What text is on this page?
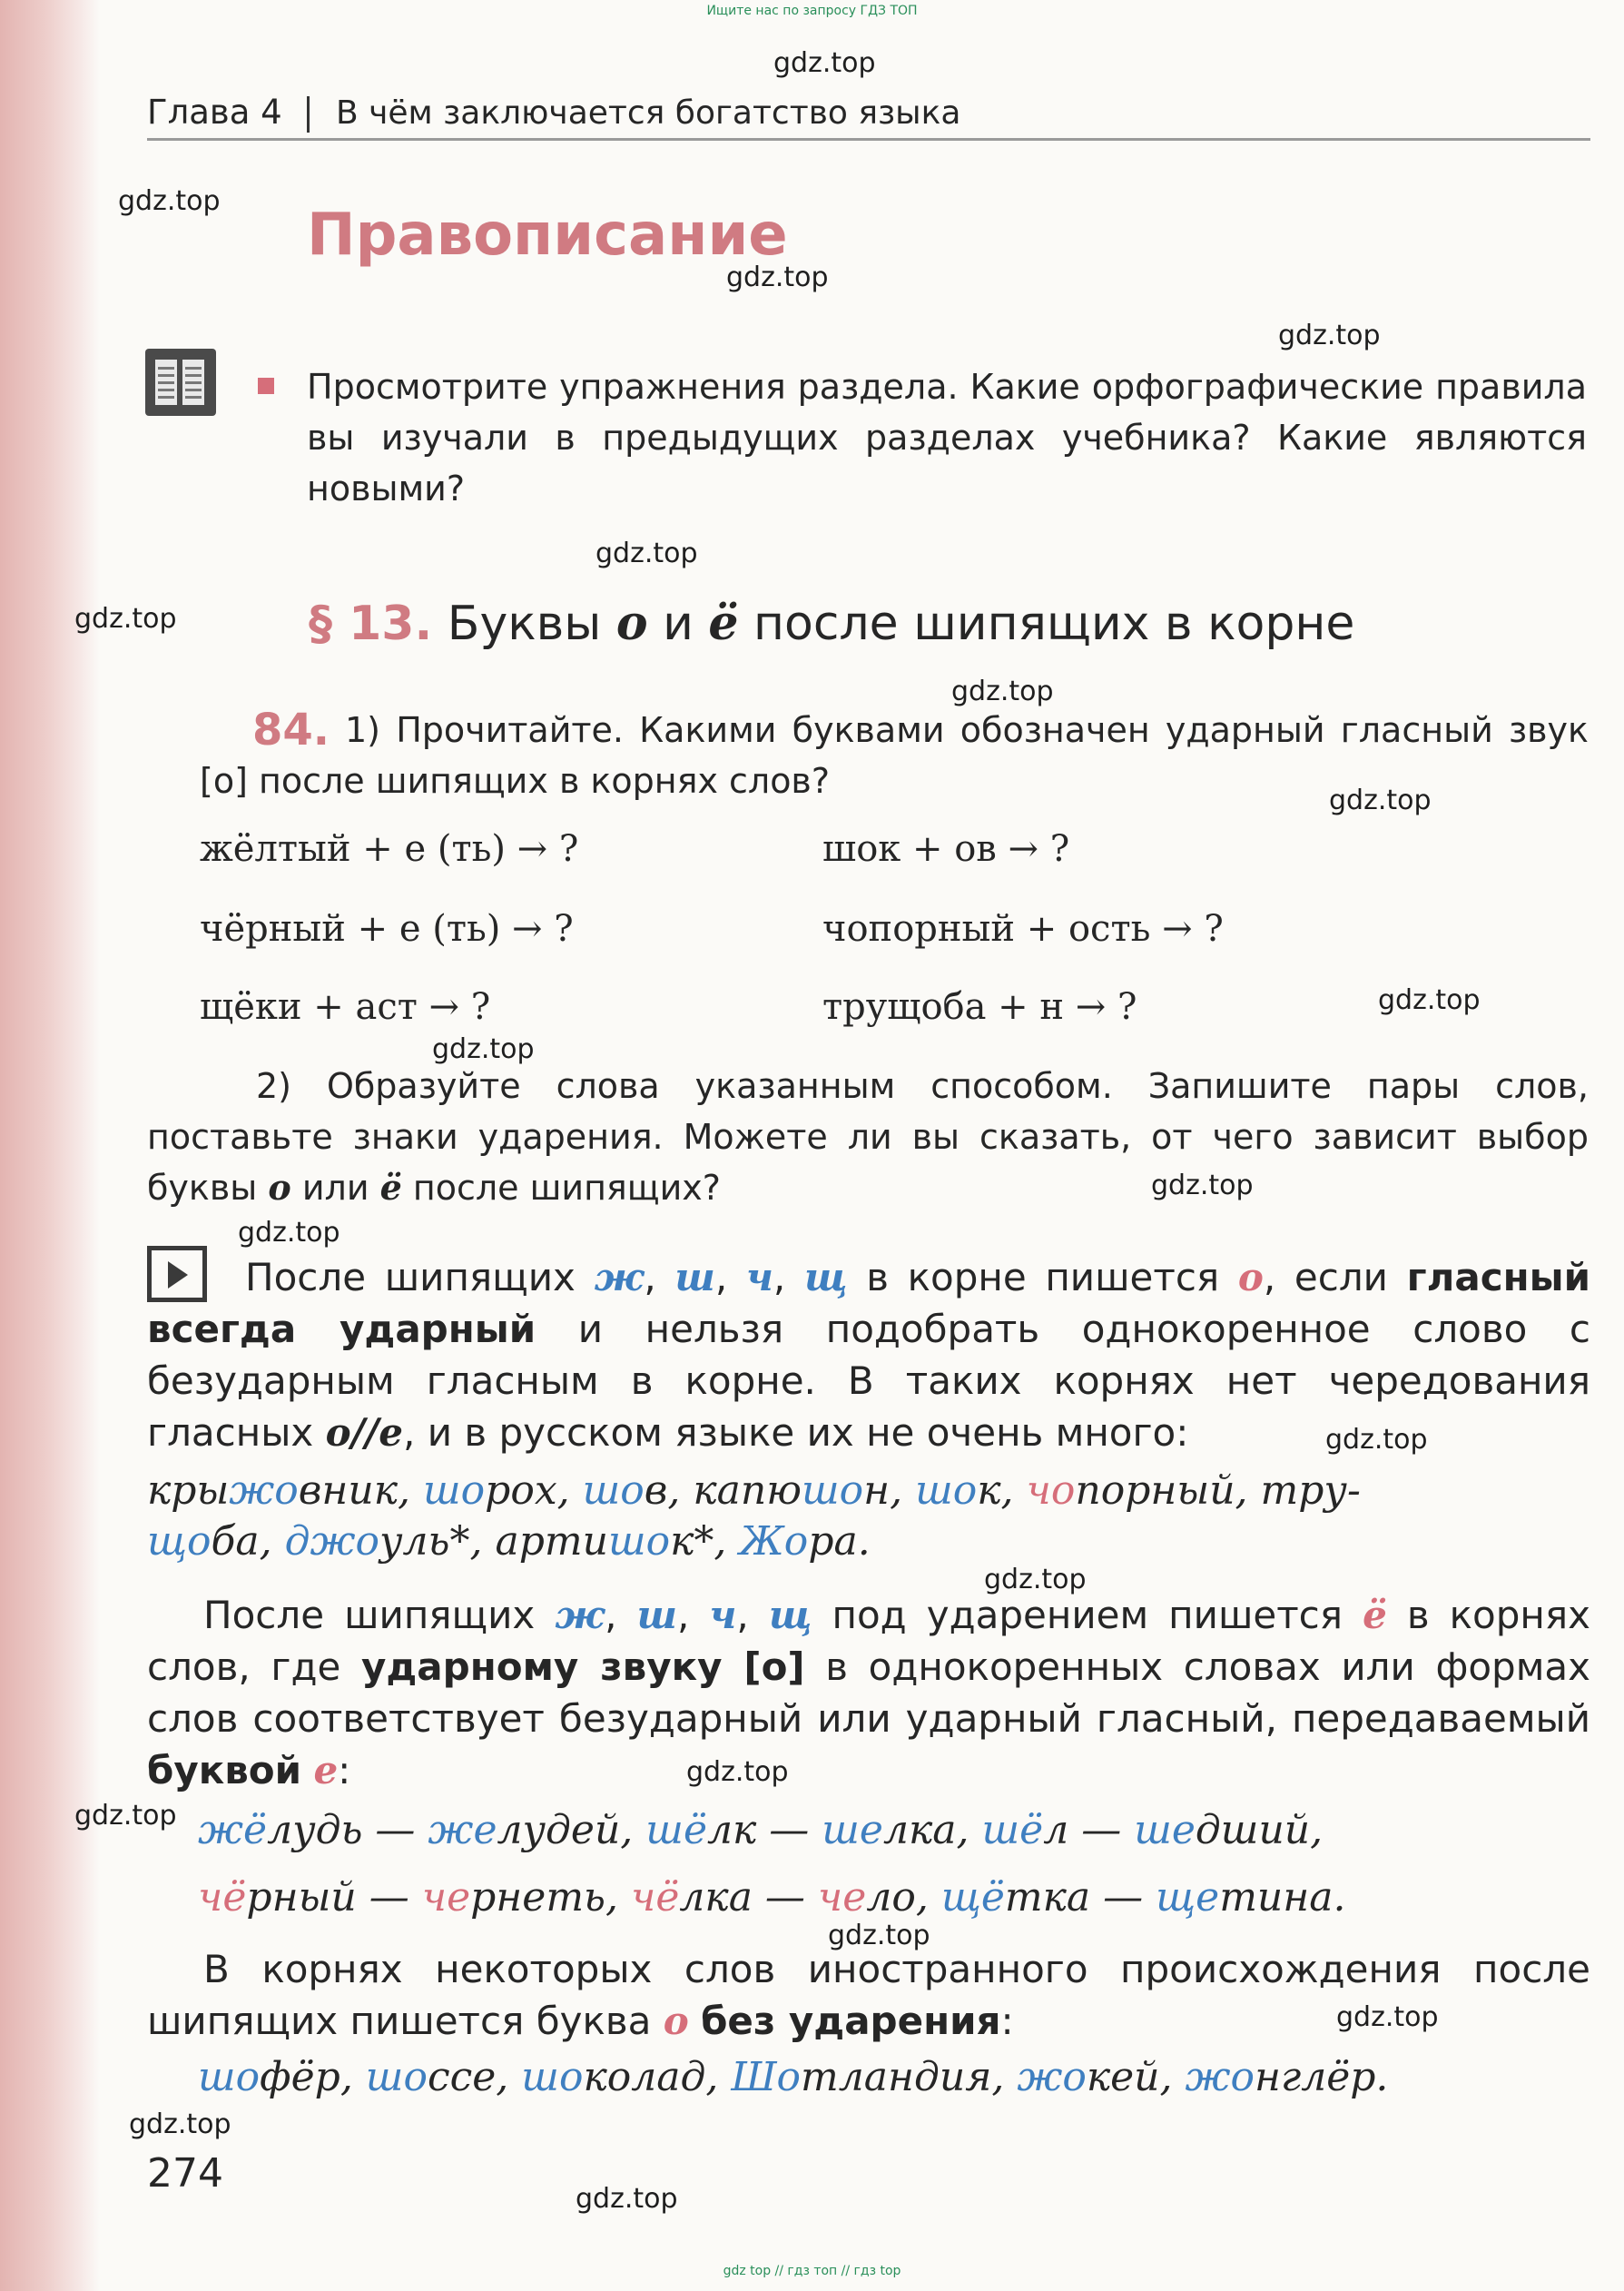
Ищите нас по запросу ГДЗ ТОП
gdz.top
gdz.top
gdz.top
gdz.top
gdz.top
gdz.top
gdz.top
gdz.top
gdz.top
gdz.top
gdz.top
gdz.top
gdz.top
gdz.top
gdz.top
gdz.top
gdz.top
gdz.top
gdz.top
gdz.top
Глава 4 В чём заключается богатство языка
Правописание
Просмотрите упражнения раздела. Какие орфографические правила вы изучали в предыдущих разделах учебника? Какие являются новыми?
§ 13. Буквы о и ё после шипящих в корне
84. 1) Прочитайте. Какими буквами обозначен ударный гласный звук [о] после шипящих в корнях слов?
жёлтый + е (ть) → ?
чёрный + е (ть) → ?
щёки + аст → ?
шок + ов → ?
чопорный + ость → ?
трущоба + н → ?
2) Образуйте слова указанным способом. Запишите пары слов, поставьте знаки ударения. Можете ли вы сказать, от чего зависит выбор буквы о или ё после шипящих?
После шипящих ж, ш, ч, щ в корне пишется о, если гласный всегда ударный и нельзя подобрать однокоренное слово с безударным гласным в корне. В таких корнях нет чередования гласных о//е, и в русском языке их не очень много:
крыжовник, шорох, шов, капюшон, шок, чопорный, тру-
щоба, джоуль*, артишок*, Жора.
После шипящих ж, ш, ч, щ под ударением пишется ё в корнях слов, где ударному звуку [о] в однокоренных словах или формах слов соответствует безударный или ударный гласный, передаваемый буквой е:
жёлудь — желудей, шёлк — шелка, шёл — шедший,
чёрный — чернеть, чёлка — чело, щётка — щетина.
В корнях некоторых слов иностранного происхождения после шипящих пишется буква о без ударения:
шофёр, шоссе, шоколад, Шотландия, жокей, жонглёр.
274
gdz top // гдз топ // гдз top
